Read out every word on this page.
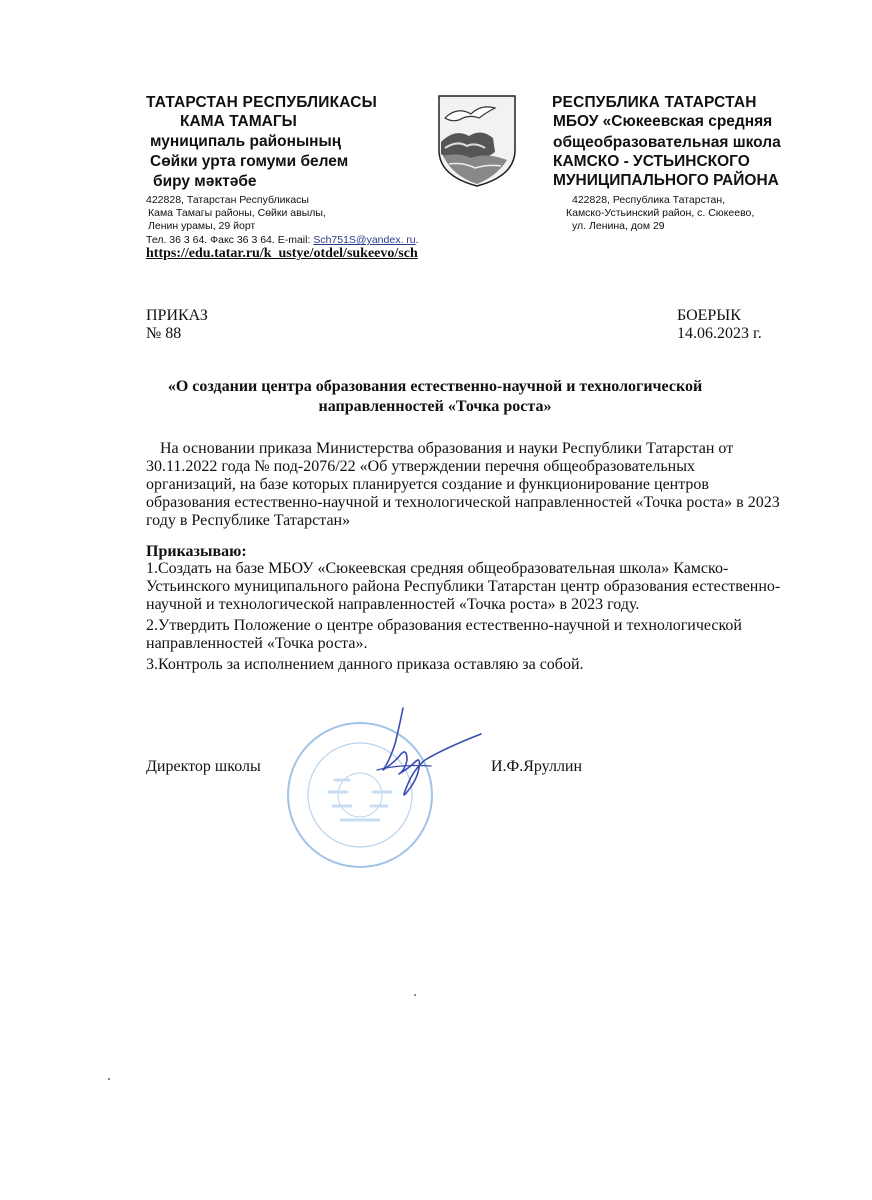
ТАТАРСТАН РЕСПУБЛИКАСЫ
КАМА ТАМАГЫ
муниципаль районының
Сөйки урта гомуми белем
биру мәктәбе
422828, Татарстан Республикасы
Кама Тамагы районы, Сөйки авылы,
Ленин урамы, 29 йорт
Тел. 36 3 64. Факс 36 3 64. E-mail: Sch751S@yandex. ru.
https://edu.tatar.ru/k_ustye/otdel/sukeevo/sch
РЕСПУБЛИКА ТАТАРСТАН
МБОУ «Сюкеевская средняя
общеобразовательная школа
КАМСКО - УСТЬИНСКОГО
МУНИЦИПАЛЬНОГО РАЙОНА
422828, Республика Татарстан,
Камско-Устьинский район, с. Сюкеево,
ул. Ленина, дом 29
ПРИКАЗ
№ 88
БОЕРЫК
14.06.2023 г.
«О создании центра образования естественно-научной и технологической направленностей «Точка роста»
На основании приказа Министерства образования и науки Республики Татарстан от 30.11.2022 года № под-2076/22 «Об утверждении перечня общеобразовательных организаций, на базе которых планируется создание и функционирование центров образования естественно-научной и технологической направленностей «Точка роста» в 2023 году в Республике Татарстан»
Приказываю:
1.Создать на базе МБОУ «Сюкеевская средняя общеобразовательная школа» Камско-Устьинского муниципального района Республики Татарстан центр образования естественно-научной и технологической направленностей «Точка роста» в 2023 году.
2.Утвердить Положение о центре образования естественно-научной и технологической направленностей «Точка роста».
3.Контроль за исполнением данного приказа оставляю за собой.
Директор школы	И.Ф.Яруллин
